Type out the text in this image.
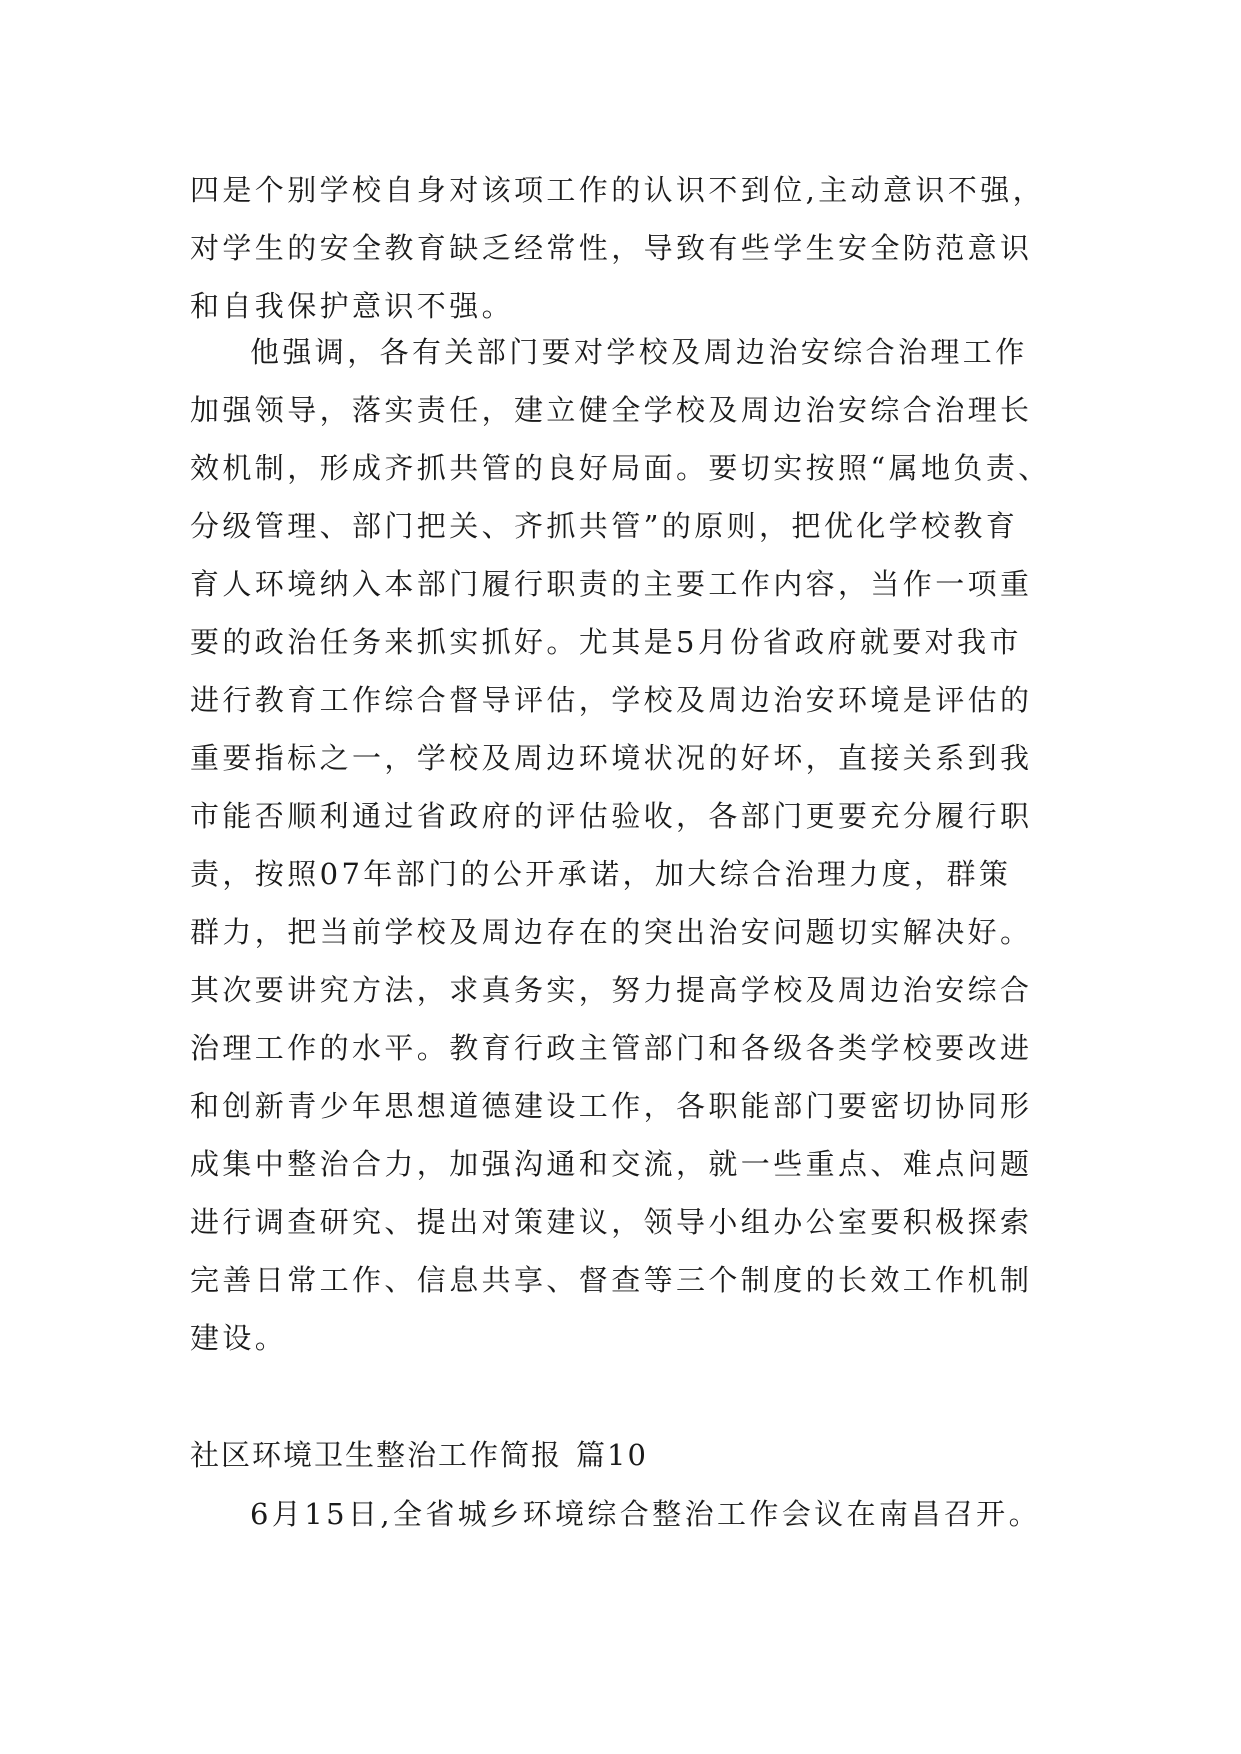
四是个别学校自身对该项工作的认识不到位,主动意识不强，
对学生的安全教育缺乏经常性，导致有些学生安全防范意识
和自我保护意识不强。
他强调，各有关部门要对学校及周边治安综合治理工作
加强领导，落实责任，建立健全学校及周边治安综合治理长
效机制，形成齐抓共管的良好局面。要切实按照“属地负责、
分级管理、部门把关、齐抓共管”的原则，把优化学校教育
育人环境纳入本部门履行职责的主要工作内容，当作一项重
要的政治任务来抓实抓好。尤其是5月份省政府就要对我市
进行教育工作综合督导评估，学校及周边治安环境是评估的
重要指标之一，学校及周边环境状况的好坏，直接关系到我
市能否顺利通过省政府的评估验收，各部门更要充分履行职
责，按照07年部门的公开承诺，加大综合治理力度，群策
群力，把当前学校及周边存在的突出治安问题切实解决好。
其次要讲究方法，求真务实，努力提高学校及周边治安综合
治理工作的水平。教育行政主管部门和各级各类学校要改进
和创新青少年思想道德建设工作，各职能部门要密切协同形
成集中整治合力，加强沟通和交流，就一些重点、难点问题
进行调查研究、提出对策建议，领导小组办公室要积极探索
完善日常工作、信息共享、督查等三个制度的长效工作机制
建设。
社区环境卫生整治工作简报 篇10
6月15日,全省城乡环境综合整治工作会议在南昌召开。
